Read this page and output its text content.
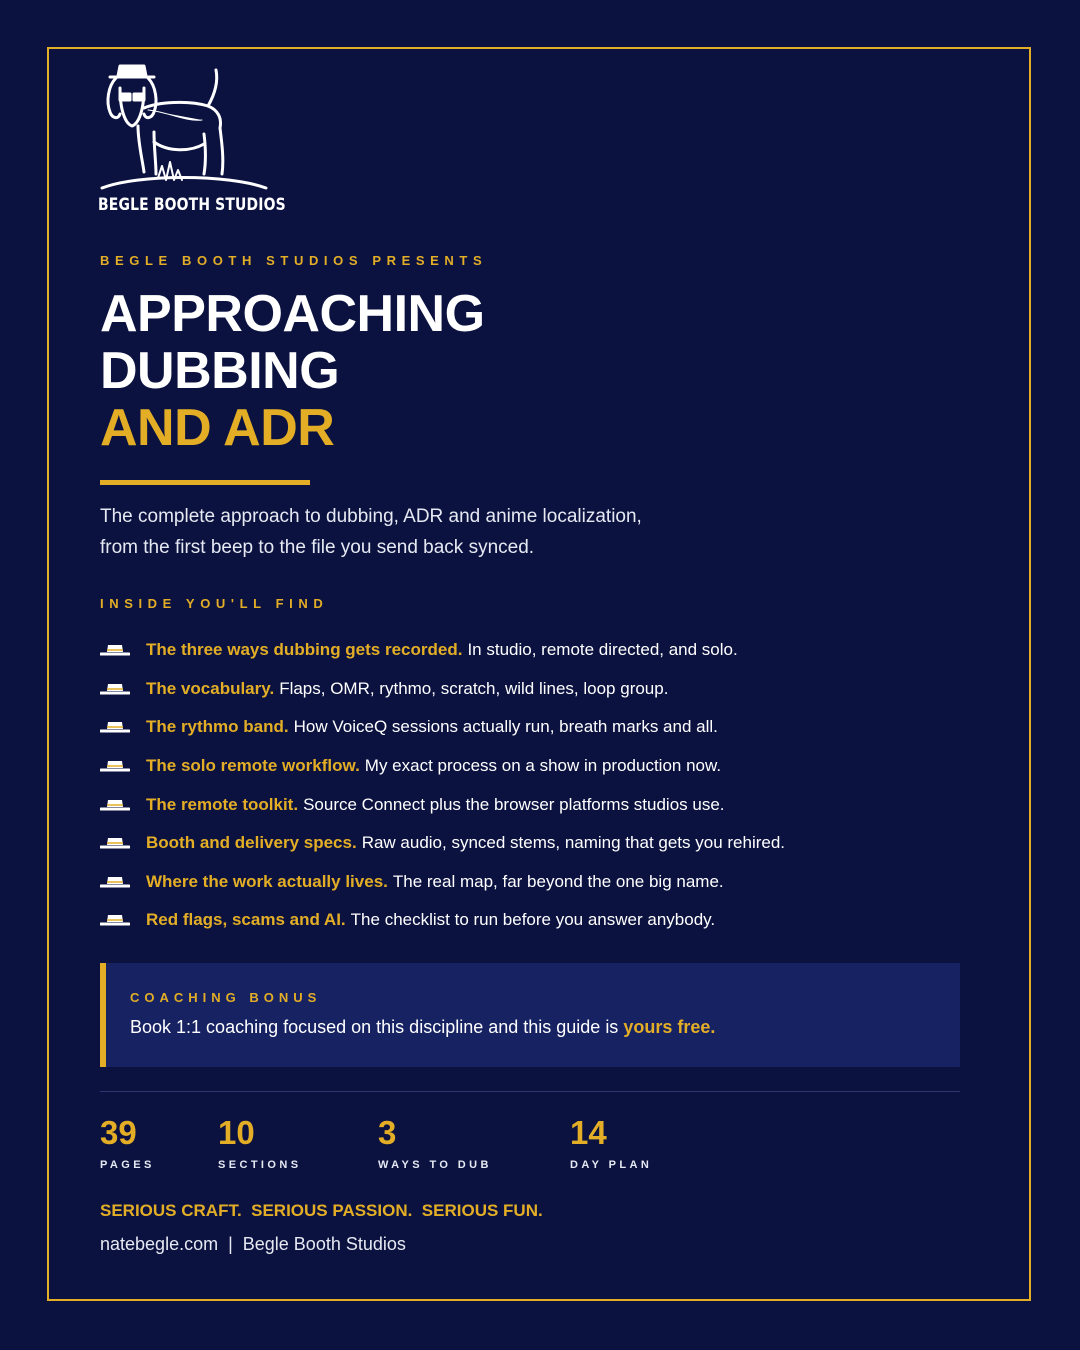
BEGLE BOOTH STUDIOS
BEGLE BOOTH STUDIOS PRESENTS
APPROACHING
DUBBING
AND ADR
The complete approach to dubbing, ADR and anime localization,
from the first beep to the file you send back synced.
INSIDE YOU'LL FIND
The three ways dubbing gets recorded. In studio, remote directed, and solo.
The vocabulary. Flaps, OMR, rythmo, scratch, wild lines, loop group.
The rythmo band. How VoiceQ sessions actually run, breath marks and all.
The solo remote workflow. My exact process on a show in production now.
The remote toolkit. Source Connect plus the browser platforms studios use.
Booth and delivery specs. Raw audio, synced stems, naming that gets you rehired.
Where the work actually lives. The real map, far beyond the one big name.
Red flags, scams and AI. The checklist to run before you answer anybody.
COACHING BONUS
Book 1:1 coaching focused on this discipline and this guide is yours free.
39
PAGES
10
SECTIONS
3
WAYS TO DUB
14
DAY PLAN
SERIOUS CRAFT.  SERIOUS PASSION.  SERIOUS FUN.
natebegle.com  |  Begle Booth Studios
